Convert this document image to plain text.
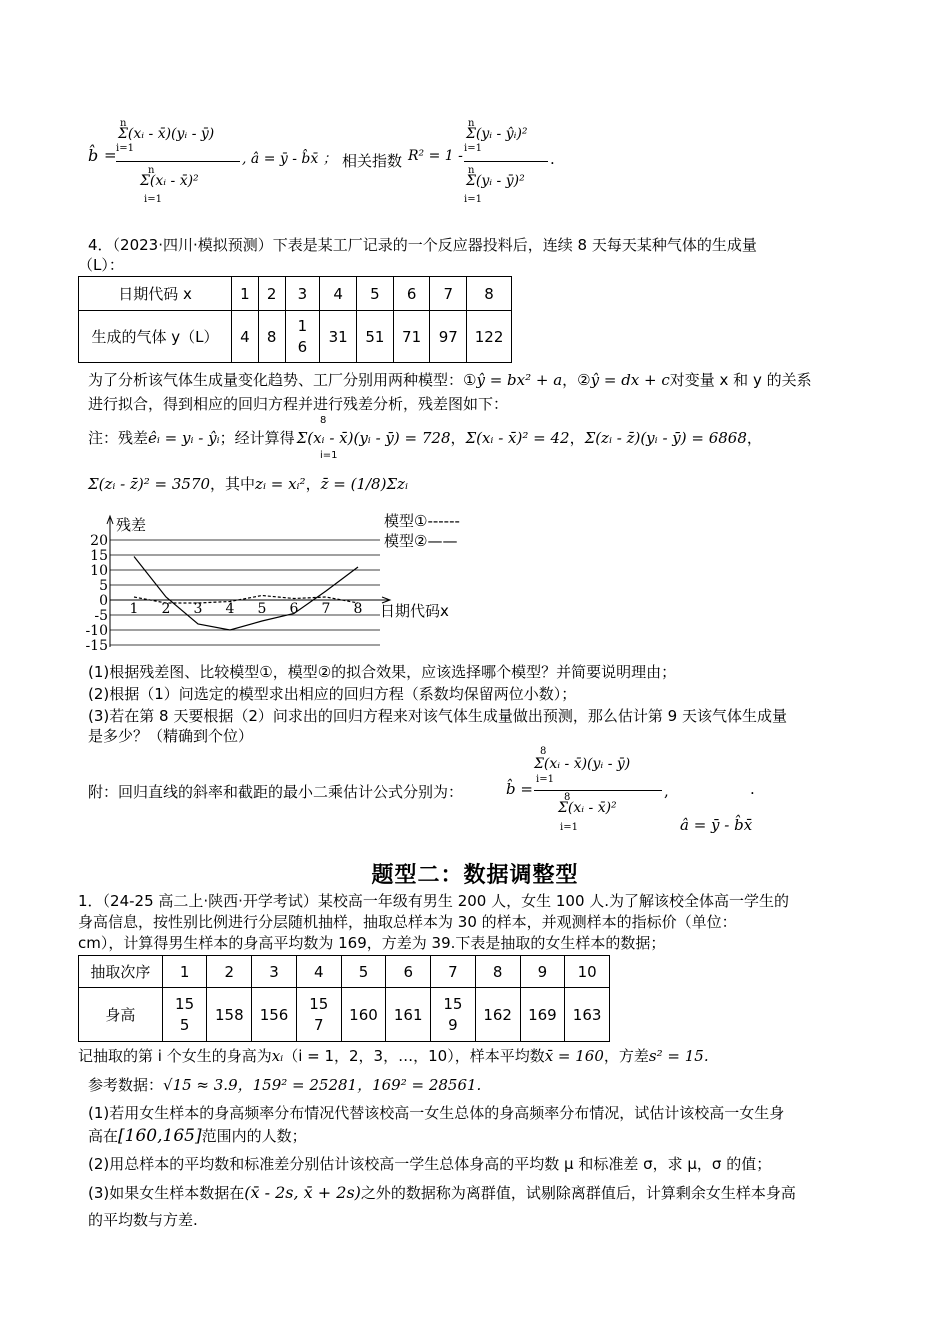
b̂ =
n
Σ(xᵢ - x̄)(yᵢ - ȳ)
i=1
n
Σ(xᵢ - x̄)²
i=1
, â = ȳ - b̂x̄ ； 相关指数 R² = 1 -
n
Σ(yᵢ - ŷᵢ)²
i=1
n
Σ(yᵢ - ȳ)²
i=1
.
4．（2023·四川·模拟预测）下表是某工厂记录的一个反应器投料后，连续 8 天每天某种气体的生成量
（L）：
日期代码 x	1	2	3	4	5	6	7	8
生成的气体 y（L）	4	8	16	31	51	71	97	122
为了分析该气体生成量变化趋势、工厂分别用两种模型：①ŷ = bx² + a，②ŷ = dx + c对变量 x 和 y 的关系
进行拟合，得到相应的回归方程并进行残差分析，残差图如下：
注：残差êᵢ = yᵢ - ŷᵢ；经计算得 Σ(xᵢ - x̄)(yᵢ - ȳ) = 728，Σ(xᵢ - x̄)² = 42，Σ(zᵢ - z̄)(yᵢ - ȳ) = 6868，
8
i=1
Σ(zᵢ - z̄)² = 3570，其中zᵢ = xᵢ²，z̄ = (1/8)Σzᵢ
残差
20
15
10
5
0
-5
-10
-15
日期代码x
1 2 3 4 5 6 7 8
模型①------
模型②——
(1)根据残差图、比较模型①，模型②的拟合效果，应该选择哪个模型？并简要说明理由；
(2)根据（1）问选定的模型求出相应的回归方程（系数均保留两位小数）；
(3)若在第 8 天要根据（2）问求出的回归方程来对该气体生成量做出预测，那么估计第 9 天该气体生成量
是多少？（精确到个位）
附：回归直线的斜率和截距的最小二乘估计公式分别为：	b̂ =
8
Σ(xᵢ - x̄)(yᵢ - ȳ)
i=1
8
Σ(xᵢ - x̄)²
i=1
,	.
â = ȳ - b̂x̄
题型二：数据调整型
1．（24-25 高二上·陕西·开学考试）某校高一年级有男生 200 人，女生 100 人.为了解该校全体高一学生的
身高信息，按性别比例进行分层随机抽样，抽取总样本为 30 的样本，并观测样本的指标价（单位：
cm），计算得男生样本的身高平均数为 169，方差为 39.下表是抽取的女生样本的数据；
抽取次序	1	2	3	4	5	6	7	8	9	10
身高	155	158	156	157	160	161	159	162	169	163
记抽取的第 i 个女生的身高为xᵢ（i = 1，2，3，…，10），样本平均数x̄ = 160，方差s² = 15.
参考数据：√15 ≈ 3.9，159² = 25281，169² = 28561.
(1)若用女生样本的身高频率分布情况代替该校高一女生总体的身高频率分布情况，试估计该校高一女生身
高在[160,165]范围内的人数；
(2)用总样本的平均数和标准差分别估计该校高一学生总体身高的平均数 μ 和标准差 σ，求 μ，σ 的值；
(3)如果女生样本数据在(x̄ - 2s, x̄ + 2s)之外的数据称为离群值，试剔除离群值后，计算剩余女生样本身高
的平均数与方差.
